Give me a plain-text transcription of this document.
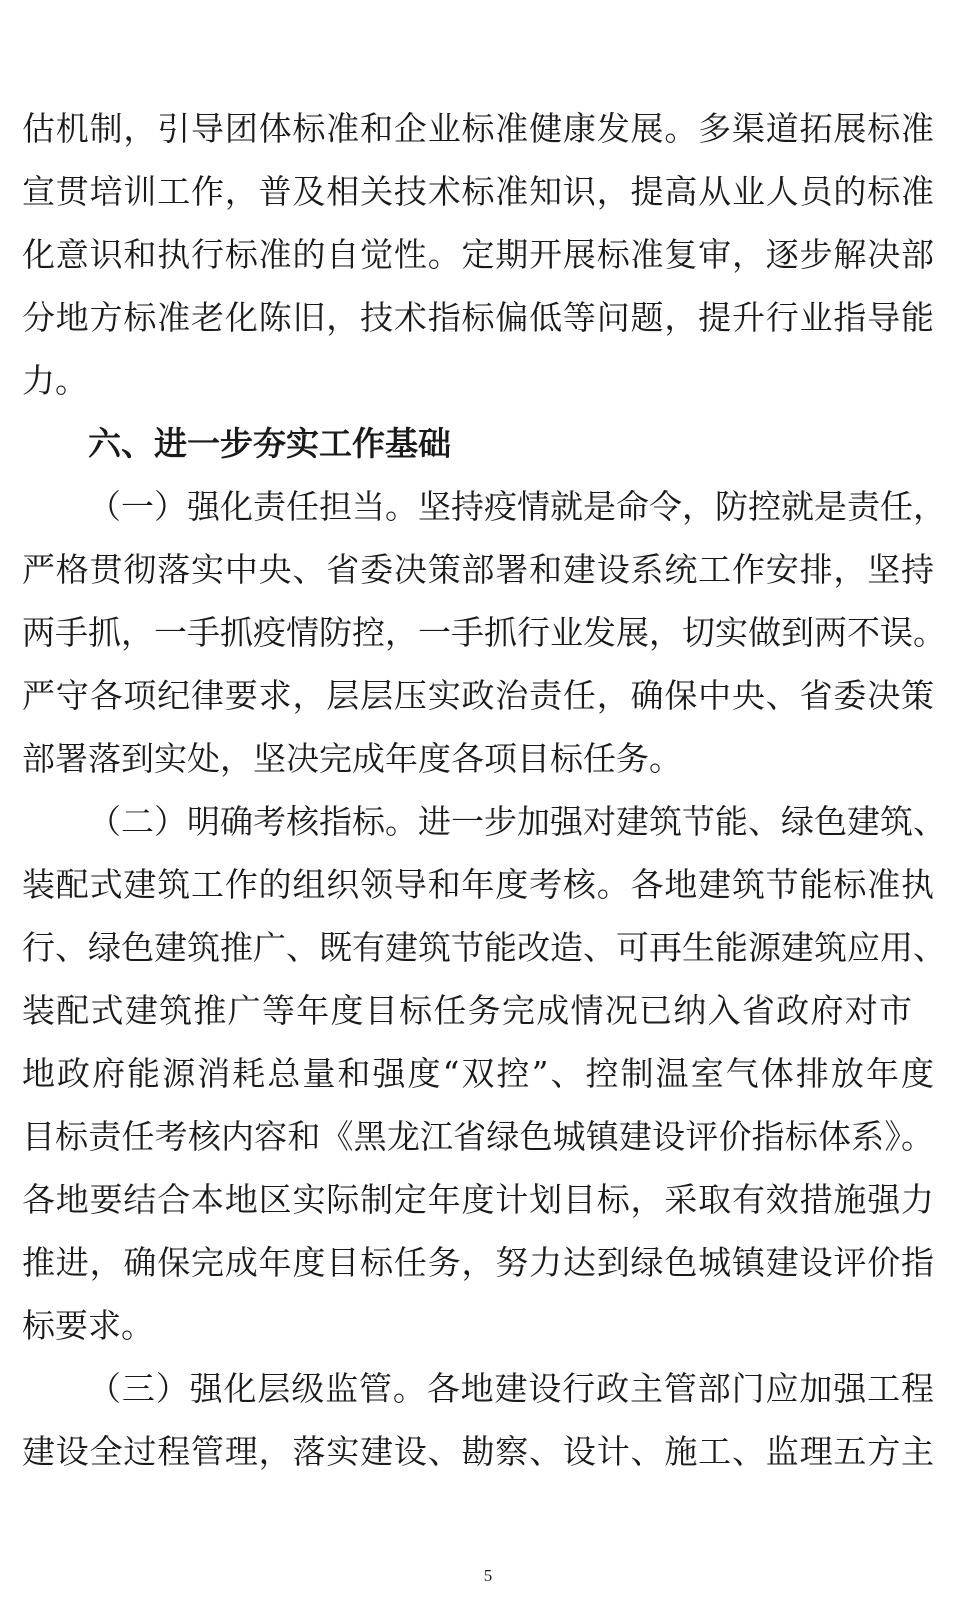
估机制，引导团体标准和企业标准健康发展。多渠道拓展标准
宣贯培训工作，普及相关技术标准知识，提高从业人员的标准
化意识和执行标准的自觉性。定期开展标准复审，逐步解决部
分地方标准老化陈旧，技术指标偏低等问题，提升行业指导能
力。
六、进一步夯实工作基础
（一）强化责任担当。坚持疫情就是命令，防控就是责任，
严格贯彻落实中央、省委决策部署和建设系统工作安排，坚持
两手抓，一手抓疫情防控，一手抓行业发展，切实做到两不误。
严守各项纪律要求，层层压实政治责任，确保中央、省委决策
部署落到实处，坚决完成年度各项目标任务。
（二）明确考核指标。进一步加强对建筑节能、绿色建筑、
装配式建筑工作的组织领导和年度考核。各地建筑节能标准执
行、绿色建筑推广、既有建筑节能改造、可再生能源建筑应用、
装配式建筑推广等年度目标任务完成情况已纳入省政府对市
地政府能源消耗总量和强度“双控”、控制温室气体排放年度
目标责任考核内容和《黑龙江省绿色城镇建设评价指标体系》。
各地要结合本地区实际制定年度计划目标，采取有效措施强力
推进，确保完成年度目标任务，努力达到绿色城镇建设评价指
标要求。
（三）强化层级监管。各地建设行政主管部门应加强工程
建设全过程管理，落实建设、勘察、设计、施工、监理五方主
5
